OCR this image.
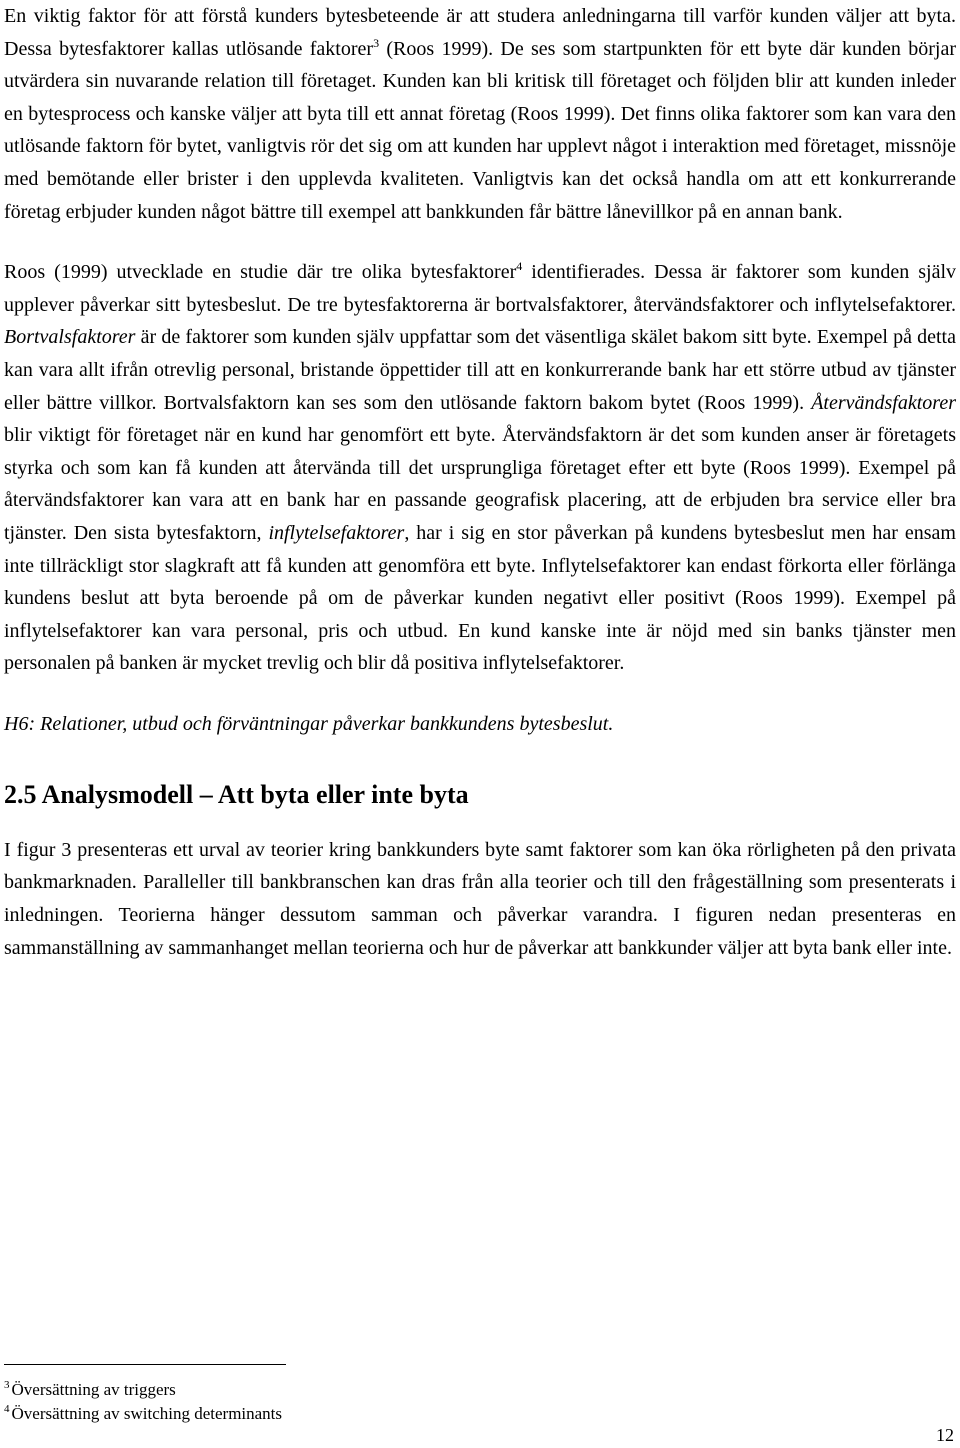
En viktig faktor för att förstå kunders bytesbeteende är att studera anledningarna till varför kunden väljer att byta. Dessa bytesfaktorer kallas utlösande faktorer$^3$ (Roos 1999). De ses som startpunkten för ett byte där kunden börjar utvärdera sin nuvarande relation till företaget. Kunden kan bli kritisk till företaget och följden blir att kunden inleder en bytesprocess och kanske väljer att byta till ett annat företag (Roos 1999). Det finns olika faktorer som kan vara den utlösande faktorn för bytet, vanligtvis rör det sig om att kunden har upplevt något i interaktion med företaget, missnöje med bemötande eller brister i den upplevda kvaliteten. Vanligtvis kan det också handla om att ett konkurrerande företag erbjuder kunden något bättre till exempel att bankkunden får bättre lånevillkor på en annan bank.

Roos (1999) utvecklade en studie där tre olika bytesfaktorer$^4$ identifierades. Dessa är faktorer som kunden själv upplever påverkar sitt bytesbeslut. De tre bytesfaktorerna är bortvalsfaktorer, återvändsfaktorer och inflytelsefaktorer. Bortvalsfaktorer är de faktorer som kunden själv uppfattar som det väsentliga skälet bakom sitt byte. Exempel på detta kan vara allt ifrån otrevlig personal, bristande öppettider till att en konkurrerande bank har ett större utbud av tjänster eller bättre villkor. Bortvalsfaktorn kan ses som den utlösande faktorn bakom bytet (Roos 1999). Återvändsfaktorer blir viktigt för företaget när en kund har genomfört ett byte. Återvändsfaktorn är det som kunden anser är företagets styrka och som kan få kunden att återvända till det ursprungliga företaget efter ett byte (Roos 1999). Exempel på återvändsfaktorer kan vara att en bank har en passande geografisk placering, att de erbjuden bra service eller bra tjänster. Den sista bytesfaktorn, inflytelsefaktorer, har i sig en stor påverkan på kundens bytesbeslut men har ensam inte tillräckligt stor slagkraft att få kunden att genomföra ett byte. Inflytelsefaktorer kan endast förkorta eller förlänga kundens beslut att byta beroende på om de påverkar kunden negativt eller positivt (Roos 1999). Exempel på inflytelsefaktorer kan vara personal, pris och utbud. En kund kanske inte är nöjd med sin banks tjänster men personalen på banken är mycket trevlig och blir då positiva inflytelsefaktorer.

H6: Relationer, utbud och förväntningar påverkar bankkundens bytesbeslut.

2.5 Analysmodell – Att byta eller inte byta

I figur 3 presenteras ett urval av teorier kring bankkunders byte samt faktorer som kan öka rörligheten på den privata bankmarknaden. Paralleller till bankbranschen kan dras från alla teorier och till den frågeställning som presenterats i inledningen. Teorierna hänger dessutom samman och påverkar varandra. I figuren nedan presenteras en sammanställning av sammanhanget mellan teorierna och hur de påverkar att bankkunder väljer att byta bank eller inte.

$^3$ Översättning av triggers
$^4$ Översättning av switching determinants
12
